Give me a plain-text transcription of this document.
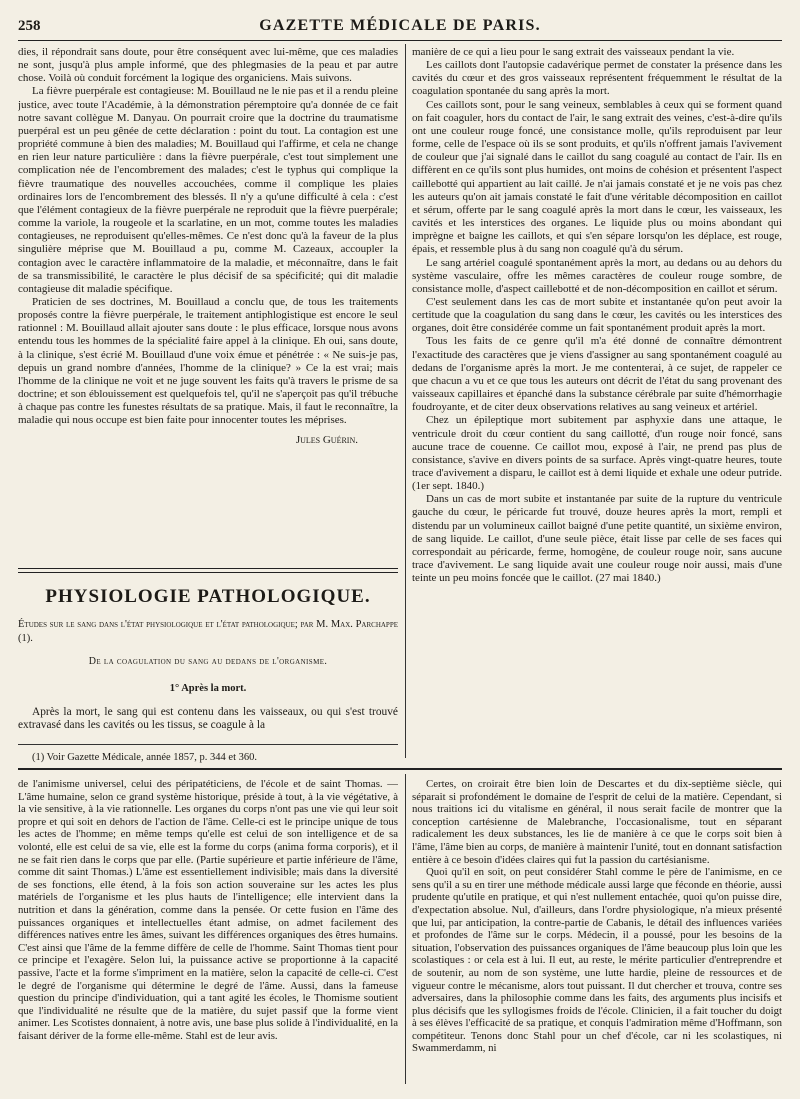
258	GAZETTE MÉDICALE DE PARIS.

dies, il répondrait sans doute, pour être conséquent avec lui-même, que ces maladies ne sont, jusqu'à plus ample informé, que des phlegmasies de la peau et par autre chose. Voilà où conduit forcément la logique des organiciens. Mais suivons.

La fièvre puerpérale est contagieuse: M. Bouillaud ne le nie pas et il a rendu pleine justice, avec toute l'Académie, à la démonstration péremptoire qu'a donnée de ce fait notre savant collègue M. Danyau. On pourrait croire que la doctrine du traumatisme puerpéral est un peu gênée de cette déclaration : point du tout. La contagion est une propriété commune à bien des maladies; M. Bouillaud qui l'affirme, et cela ne change en rien leur nature particulière : dans la fièvre puerpérale, c'est tout simplement une complication née de l'encombrement des malades; c'est le typhus qui complique la fièvre traumatique des nouvelles accouchées, comme il complique les plaies ordinaires lors de l'encombrement des blessés. Il n'y a qu'une difficulté à cela : c'est que l'élément contagieux de la fièvre puerpérale ne reproduit que la fièvre puerpérale; comme la variole, la rougeole et la scarlatine, en un mot, comme toutes les maladies contagieuses, ne reproduisent qu'elles-mêmes. Ce n'est donc qu'à la faveur de la plus singulière méprise que M. Bouillaud a pu, comme M. Cazeaux, accoupler la contagion avec le caractère inflammatoire de la maladie, et méconnaître, dans le fait de sa transmissibilité, le caractère le plus décisif de sa spécificité; qui dit maladie contagieuse dit maladie spécifique.

Praticien de ses doctrines, M. Bouillaud a conclu que, de tous les traitements proposés contre la fièvre puerpérale, le traitement antiphlogistique est encore le seul rationnel : M. Bouillaud allait ajouter sans doute : le plus efficace, lorsque nous avons entendu tous les hommes de la spécialité faire appel à la clinique. Eh oui, sans doute, à la clinique, s'est écrié M. Bouillaud d'une voix émue et pénétrée : « Ne suis-je pas, depuis un grand nombre d'années, l'homme de la clinique? » Ce la est vrai; mais l'homme de la clinique ne voit et ne juge souvent les faits qu'à travers le prisme de sa doctrine; et son éblouissement est quelquefois tel, qu'il ne s'aperçoit pas qu'il trébuche à chaque pas contre les funestes résultats de sa pratique. Mais, il faut le reconnaître, la maladie qui nous occupe est bien faite pour innocenter toutes les méprises.

Jules Guérin.
PHYSIOLOGIE PATHOLOGIQUE.
Études sur le sang dans l'état physiologique et l'état pathologique; par M. Max. Parchappe (1).
De la coagulation du sang au dedans de l'organisme.
1° Après la mort.

Après la mort, le sang qui est contenu dans les vaisseaux, ou qui s'est trouvé extravasé dans les cavités ou les tissus, se coagule à la

(1) Voir Gazette Médicale, année 1857, p. 344 et 360.

manière de ce qui a lieu pour le sang extrait des vaisseaux pendant la vie.

Les caillots dont l'autopsie cadavérique permet de constater la présence dans les cavités du cœur et des gros vaisseaux représentent fréquemment le résultat de la coagulation spontanée du sang après la mort.

Ces caillots sont, pour le sang veineux, semblables à ceux qui se forment quand on fait coaguler, hors du contact de l'air, le sang extrait des veines, c'est-à-dire qu'ils ont une couleur rouge foncé, une consistance molle, qu'ils reproduisent par leur forme, celle de l'espace où ils se sont produits, et qu'ils n'offrent jamais l'avivement de couleur que j'ai signalé dans le caillot du sang coagulé au contact de l'air. Ils en diffèrent en ce qu'ils sont plus humides, ont moins de cohésion et présentent l'aspect caillebotté qui appartient au lait caillé. Je n'ai jamais constaté et je ne vois pas chez les auteurs qu'on ait jamais constaté le fait d'une véritable décomposition en caillot et sérum, offerte par le sang coagulé après la mort dans le cœur, les vaisseaux, les cavités et les interstices des organes. Le liquide plus ou moins abondant qui imprègne et baigne les caillots, et qui s'en sépare lorsqu'on les déplace, est rouge, épais, et ressemble plus à du sang non coagulé qu'à du sérum.

Le sang artériel coagulé spontanément après la mort, au dedans ou au dehors du système vasculaire, offre les mêmes caractères de couleur rouge sombre, de consistance molle, d'aspect caillebotté et de non-décomposition en caillot et sérum.

C'est seulement dans les cas de mort subite et instantanée qu'on peut avoir la certitude que la coagulation du sang dans le cœur, les cavités ou les interstices des organes, doit être considérée comme un fait spontanément produit après la mort.

Tous les faits de ce genre qu'il m'a été donné de connaître démontrent l'exactitude des caractères que je viens d'assigner au sang spontanément coagulé au dedans de l'organisme après la mort. Je me contenterai, à ce sujet, de rappeler ce que chacun a vu et ce que tous les auteurs ont décrit de l'état du sang provenant des vaisseaux capillaires et épanché dans la substance cérébrale par suite d'hémorrhagie foudroyante, et de citer deux observations relatives au sang veineux et artériel.

Chez un épileptique mort subitement par asphyxie dans une attaque, le ventricule droit du cœur contient du sang caillotté, d'un rouge noir foncé, sans aucune trace de couenne. Ce caillot mou, exposé à l'air, ne prend pas plus de consistance, s'avive en divers points de sa surface. Après vingt-quatre heures, toute trace d'avivement a disparu, le caillot est à demi liquide et exhale une odeur putride. (1er sept. 1840.)

Dans un cas de mort subite et instantanée par suite de la rupture du ventricule gauche du cœur, le péricarde fut trouvé, douze heures après la mort, rempli et distendu par un volumineux caillot baigné d'une petite quantité, un sixième environ, de sang liquide. Le caillot, d'une seule pièce, était lisse par celle de ses faces qui correspondait au péricarde, ferme, homogène, de couleur rouge noir, sans aucune trace d'avivement. Le sang liquide avait une couleur rouge noir aussi, mais d'une teinte un peu moins foncée que le caillot. (27 mai 1840.)

de l'animisme universel, celui des péripatéticiens, de l'école et de saint Thomas. — L'âme humaine, selon ce grand système historique, préside à tout, à la vie végétative, à la vie sensitive, à la vie rationnelle. Les organes du corps n'ont pas une vie qui leur soit propre et qui soit en dehors de l'action de l'âme. Celle-ci est le principe unique de tous les actes de l'homme; en même temps qu'elle est celui de son intelligence et de sa volonté, elle est celui de sa vie, elle est la forme du corps (anima forma corporis), et il ne se fait rien dans le corps que par elle. (Partie supérieure et partie inférieure de l'âme, comme dit saint Thomas.) L'âme est essentiellement indivisible; mais dans la diversité de ses fonctions, elle étend, à la fois son action souveraine sur les actes les plus matériels de l'organisme et les plus hauts de l'intelligence; elle intervient dans la nutrition et dans la génération, comme dans la pensée. Or cette fusion en l'âme des puissances organiques et intellectuelles étant admise, on admet facilement des différences natives entre les âmes, suivant les différences organiques des êtres humains. C'est ainsi que l'âme de la femme diffère de celle de l'homme. Saint Thomas tient pour ce principe et l'exagère. Selon lui, la puissance active se proportionne à la capacité passive, l'acte et la forme s'impriment en la matière, selon la capacité de celle-ci. C'est le degré de l'organisme qui détermine le degré de l'âme. Aussi, dans la fameuse question du principe d'individuation, qui a tant agité les écoles, le Thomisme soutient que l'individualité ne résulte que de la matière, du sujet passif que la forme vient animer. Les Scotistes donnaient, à notre avis, une base plus solide à l'individualité, en la faisant dériver de la forme elle-même. Stahl est de leur avis.

Certes, on croirait être bien loin de Descartes et du dix-septième siècle, qui séparait si profondément le domaine de l'esprit de celui de la matière. Cependant, si nous traitions ici du vitalisme en général, il nous serait facile de montrer que la conception cartésienne de Malebranche, l'occasionalisme, tout en séparant radicalement les deux substances, les lie de manière à ce que le corps soit bien à l'âme, l'âme bien au corps, de manière à maintenir l'unité, tout en donnant satisfaction entière à ce besoin d'idées claires qui fut la passion du cartésianisme.

Quoi qu'il en soit, on peut considérer Stahl comme le père de l'animisme, en ce sens qu'il a su en tirer une méthode médicale aussi large que féconde en théorie, aussi prudente qu'utile en pratique, et qui n'est nullement entachée, quoi qu'on puisse dire, d'expectation absolue. Nul, d'ailleurs, dans l'ordre physiologique, n'a mieux présenté que lui, par anticipation, la contre-partie de Cabanis, le détail des influences variées et profondes de l'âme sur le corps. Médecin, il a poussé, pour les besoins de la situation, l'observation des puissances organiques de l'âme beaucoup plus loin que les scolastiques : or cela est à lui. Il eut, au reste, le mérite particulier d'entreprendre et de soutenir, au nom de son système, une lutte hardie, pleine de ressources et de vigueur contre le mécanisme, alors tout puissant. Il dut chercher et trouva, contre ses adversaires, dans la philosophie comme dans les faits, des arguments plus incisifs et plus décisifs que les syllogismes froids de l'école. Clinicien, il a fait toucher du doigt à ses élèves l'efficacité de sa pratique, et conquis l'admiration même d'Hoffmann, son compétiteur. Tenons donc Stahl pour un chef d'école, car ni les scolastiques, ni Swammerdamm, ni
